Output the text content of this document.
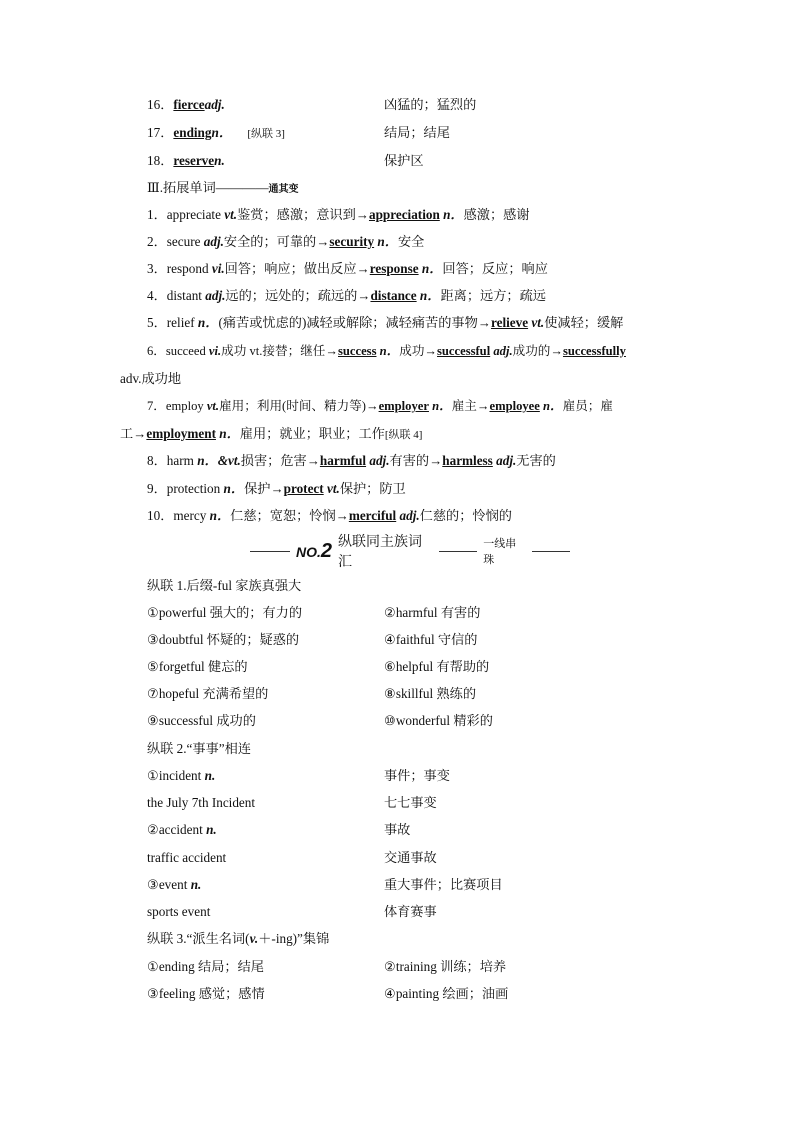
16．fierceadj.	凶猛的；猛烈的
17．endingn． [纵联 3]	结局；结尾
18．reserven.	保护区
Ⅲ.拓展单词————通其变
1．appreciate vt.鉴赏；感激；意识到→appreciation n．感激；感谢
2．secure adj.安全的；可靠的→security n．安全
3．respond vi.回答；响应；做出反应→response n．回答；反应；响应
4．distant adj.远的；远处的；疏远的→distance n．距离；远方；疏远
5．relief n．(痛苦或忧虑的)减轻或解除；减轻痛苦的事物→relieve vt.使减轻；缓解
6．succeed vi.成功 vt.接替；继任→success n．成功→successful adj.成功的→successfully
adv.成功地
7．employ vt.雇用；利用(时间、精力等)→employer n．雇主→employee n．雇员；雇
工→employment n．雇用；就业；职业；工作[纵联 4]
8．harm n．&vt.损害；危害→harmful adj.有害的→harmless adj.无害的
9．protection n．保护→protect vt.保护；防卫
10．mercy n．仁慈；宽恕；怜悯→merciful adj.仁慈的；怜悯的
NO.2 纵联同主族词汇
一线串珠
纵联 1.后缀-ful 家族真强大
①powerful 强大的；有力的	②harmful 有害的
③doubtful 怀疑的；疑惑的	④faithful 守信的
⑤forgetful 健忘的	⑥helpful 有帮助的
⑦hopeful 充满希望的	⑧skillful 熟练的
⑨successful 成功的	⑩wonderful 精彩的
纵联 2.“事事”相连
①incident n.	事件；事变
the July 7th Incident	七七事变
②accident n.	事故
traffic accident	交通事故
③event n.	重大事件；比赛项目
sports event	体育赛事
纵联 3.“派生名词(v.＋-ing)”集锦
①ending 结局；结尾	②training 训练；培养
③feeling 感觉；感情	④painting 绘画；油画
